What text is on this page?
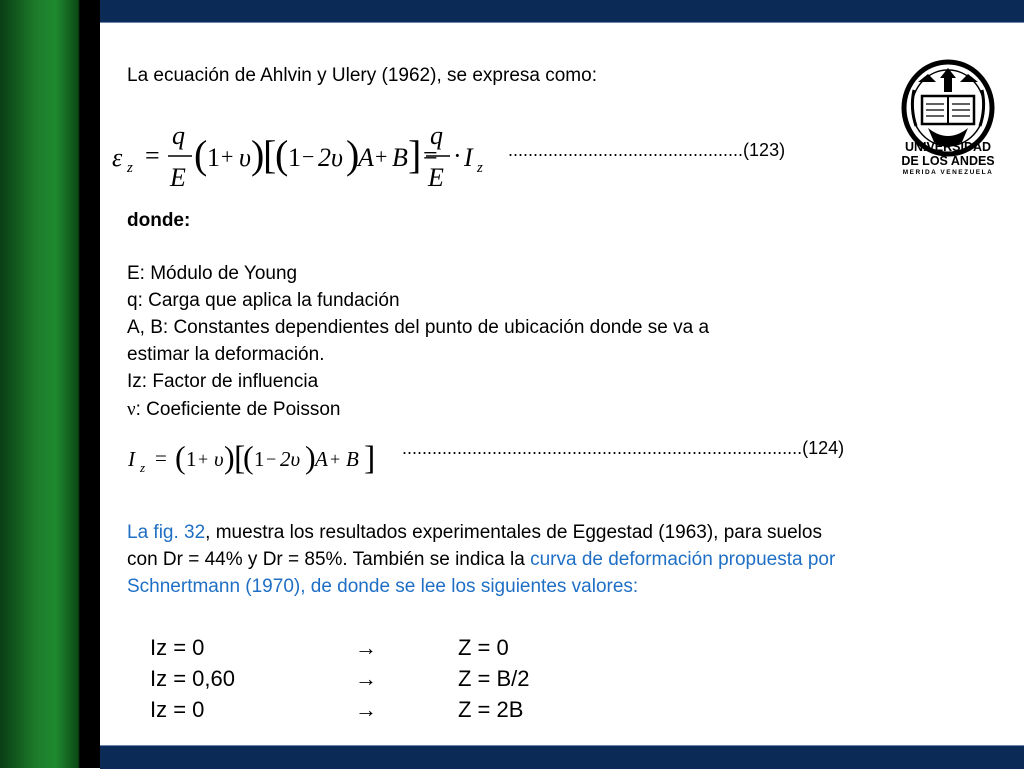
La ecuación de Ahlvin y Ulery (1962), se expresa como:
ε z =
q
E
( 1 + υ )
[
( 1 − 2υ )
A + B ] =
q
E
· I z
...............................................(123)
donde:
E: Módulo de Young
q: Carga que aplica la fundación
A, B: Constantes dependientes del punto de ubicación donde se va a
estimar la deformación.
Iz: Factor de influencia
ν: Coeficiente de Poisson
I z = ( 1 + υ ) [
( 1 − 2υ ) A + B ] ................................................................................(124)
La fig. 32, muestra los resultados experimentales de Eggestad (1963), para suelos
con Dr = 44% y Dr = 85%. También se indica la curva de deformación propuesta por
Schnertmann (1970), de donde se lee los siguientes valores:
Iz = 0	→	Z = 0
Iz = 0,60	→	Z = B/2
Iz = 0	→	Z = 2B
UNIVERSIDAD
DE LOS ANDES
MERIDA VENEZUELA
